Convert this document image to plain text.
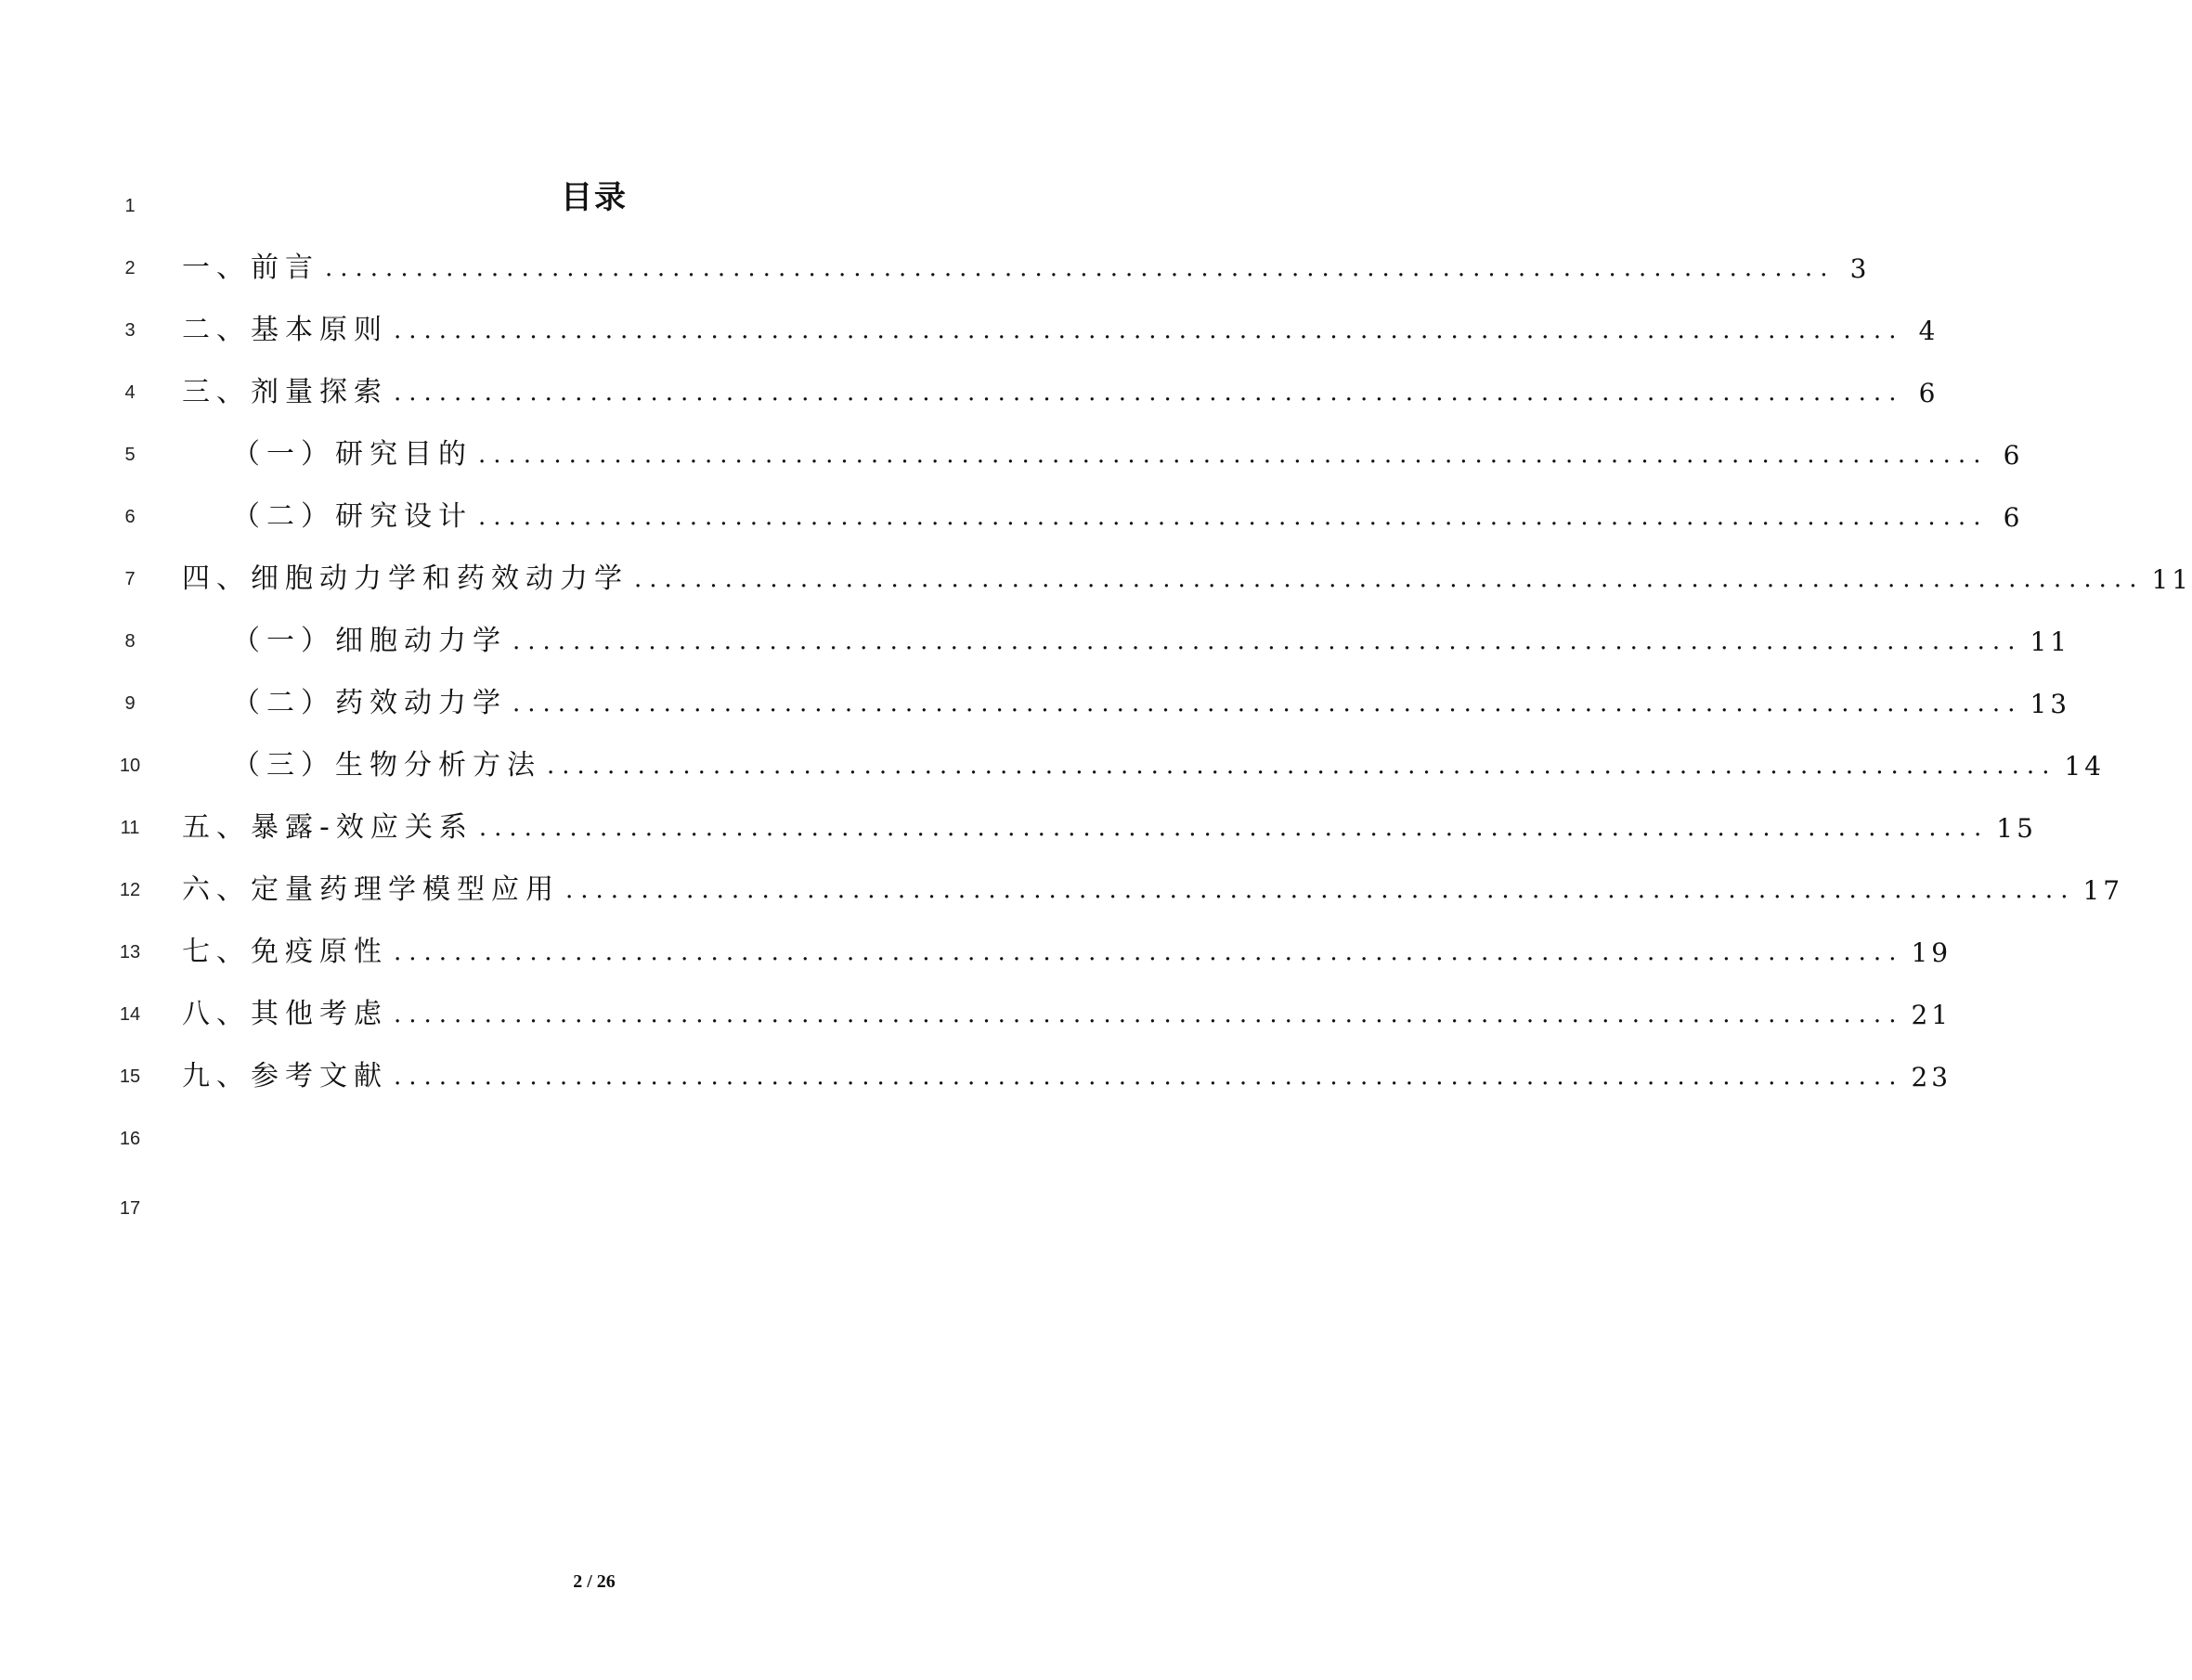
1
2
3
4
5
6
7
8
9
10
11
12
13
14
15
16
17
目录
一、前言 .................................................................................................... 3
二、基本原则 .................................................................................................... 4
三、剂量探索 .................................................................................................... 6
（一）研究目的 .................................................................................................... 6
（二）研究设计 .................................................................................................... 6
四、细胞动力学和药效动力学 .................................................................................................... 11
（一）细胞动力学 .................................................................................................... 11
（二）药效动力学 .................................................................................................... 13
（三）生物分析方法 .................................................................................................... 14
五、暴露-效应关系 .................................................................................................... 15
六、定量药理学模型应用 .................................................................................................... 17
七、免疫原性 .................................................................................................... 19
八、其他考虑 .................................................................................................... 21
九、参考文献 .................................................................................................... 23
2 / 26
